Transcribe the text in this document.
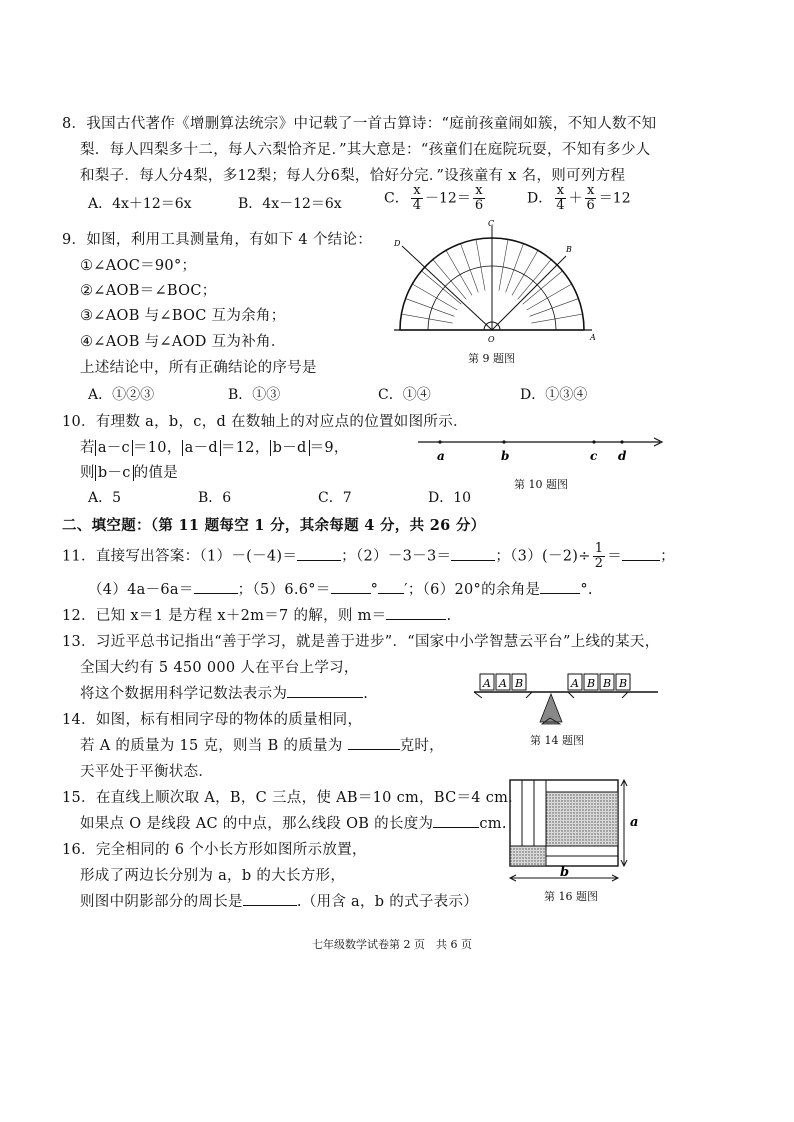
8．我国古代著作《增删算法统宗》中记载了一首古算诗：“庭前孩童闹如簇，不知人数不知
梨．每人四梨多十二，每人六梨恰齐足．”其大意是：“孩童们在庭院玩耍，不知有多少人
和梨子．每人分4梨，多12梨；每人分6梨，恰好分完．”设孩童有 x 名，则可列方程
A．4x＋12＝6x	B．4x－12＝6x	C． $\frac{x}{4} -12= \frac{x}{6}$	D． $\frac{x}{4} + \frac{x}{6} =12$
9．如图，利用工具测量角，有如下 4 个结论：
①∠AOC＝90°；
②∠AOB＝∠BOC；
③∠AOB 与∠BOC 互为余角；
④∠AOB 与∠AOD 互为补角．
上述结论中，所有正确结论的序号是
A．①②③	B．①③	C．①④	D．①③④
C
B
D
A
O
第 9 题图
10．有理数 a，b，c，d 在数轴上的对应点的位置如图所示．
若 a－c ＝10， a－d ＝12， b－d ＝9，
则 b－c 的值是
A．5	B．6	C．7	D．10
a	b	c d
第 10 题图
二、填空题：（第 11 题每空 1 分，其余每题 4 分，共 26 分）
11．直接写出答案：（1）－(－4)＝	；（2）－3－3＝	；$(3)(-2)\div \frac{1}{2}$ ＝	；
（4）4a－6a＝	；（5）6.6°＝	° ′；（6）20°的余角是	°.
12．已知 x＝1 是方程 x＋2m＝7 的解，则 m＝	.
13．习近平总书记指出“善于学习，就是善于进步”．“国家中小学智慧云平台”上线的某天，
全国大约有 5 450 000 人在平台上学习，
将这个数据用科学记数法表示为	.
A A B	A B B B
第 14 题图
14．如图，标有相同字母的物体的质量相同，
若 A 的质量为 15 克，则当 B 的质量为	克时，
天平处于平衡状态．
15．在直线上顺次取 A，B，C 三点，使 AB＝10 cm，BC＝4 cm．
如果点 O 是线段 AC 的中点，那么线段 OB 的长度为	cm.
16．完全相同的 6 个小长方形如图所示放置，
形成了两边长分别为 a，b 的大长方形，
则图中阴影部分的周长是	.（用含 a，b 的式子表示）
a
b
第 16 题图
七年级数学试卷第 2 页　共 6 页
